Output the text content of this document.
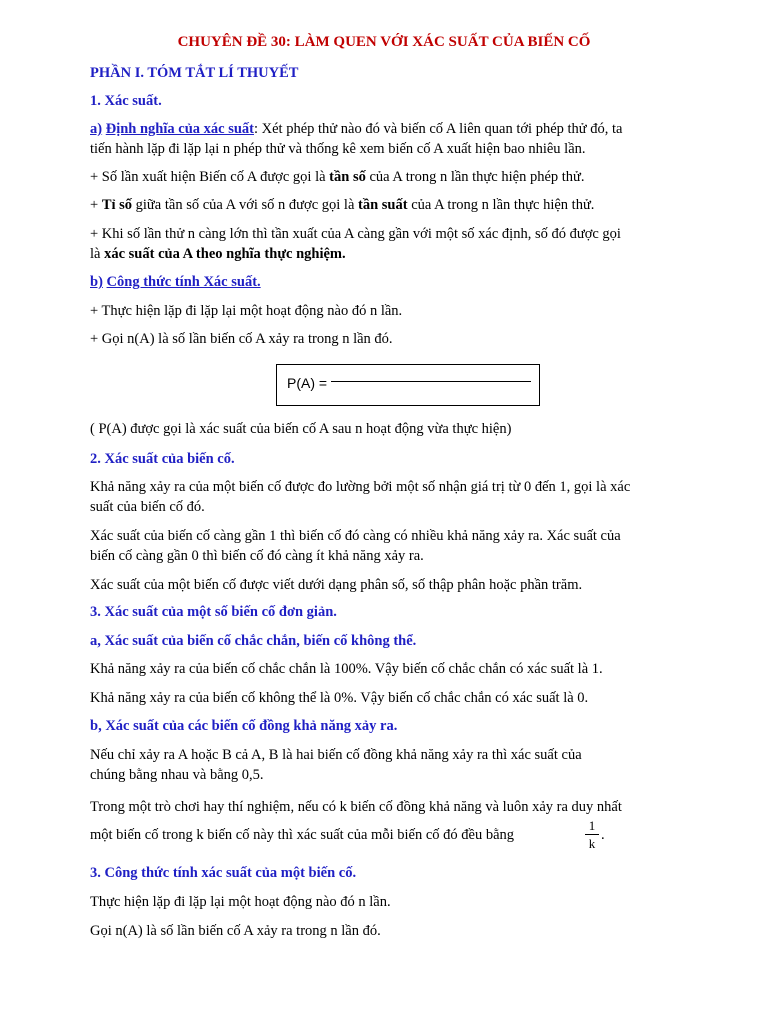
CHUYÊN ĐỀ 30: LÀM QUEN VỚI XÁC SUẤT CỦA BIẾN CỐ
PHẦN I. TÓM TẮT LÍ THUYẾT
1. Xác suất.
a) Định nghĩa của xác suất: Xét phép thử nào đó và biến cố A liên quan tới phép thử đó, ta
tiến hành lặp đi lặp lại n phép thử và thống kê xem biến cố A xuất hiện bao nhiêu lần.
+ Số lần xuất hiện Biến cố A được gọi là tần số của A trong n lần thực hiện phép thử.
+ Tỉ số giữa tần số của A với số n được gọi là tần suất của A trong n lần thực hiện thử.
+ Khi số lần thử n càng lớn thì tần xuất của A càng gần với một số xác định, số đó được gọi
là xác suất của A theo nghĩa thực nghiệm.
b) Công thức tính Xác suất.
+ Thực hiện lặp đi lặp lại một hoạt động nào đó n lần.
+ Gọi n(A) là số lần biến cố A xảy ra trong n lần đó.
P(A) =
( P(A) được gọi là xác suất của biến cố A sau n hoạt động vừa thực hiện)
2. Xác suất của biến cố.
Khả năng xảy ra của một biến cố được đo lường bởi một số nhận giá trị từ 0 đến 1, gọi là xác
suất của biến cố đó.
Xác suất của biến cố càng gần 1 thì biến cố đó càng có nhiều khả năng xảy ra. Xác suất của
biến cố càng gần 0 thì biến cố đó càng ít khả năng xảy ra.
Xác suất của một biến cố được viết dưới dạng phân số, số thập phân hoặc phần trăm.
3. Xác suất của một số biến cố đơn giản.
a, Xác suất của biến cố chắc chắn, biến cố không thể.
Khả năng xảy ra của biến cố chắc chắn là 100%. Vậy biến cố chắc chắn có xác suất là 1.
Khả năng xảy ra của biến cố không thể là 0%. Vậy biến cố chắc chắn có xác suất là 0.
b, Xác suất của các biến cố đồng khả năng xảy ra.
Nếu chỉ xảy ra A hoặc B cả A, B là hai biến cố đồng khả năng xảy ra thì xác suất của
chúng bằng nhau và bằng 0,5.
Trong một trò chơi hay thí nghiệm, nếu có k biến cố đồng khả năng và luôn xảy ra duy nhất
một biến cố trong k biến cố này thì xác suất của mỗi biến cố đó đều bằng
1
k
.
3. Công thức tính xác suất của một biến cố.
Thực hiện lặp đi lặp lại một hoạt động nào đó n lần.
Gọi n(A) là số lần biến cố A xảy ra trong n lần đó.
